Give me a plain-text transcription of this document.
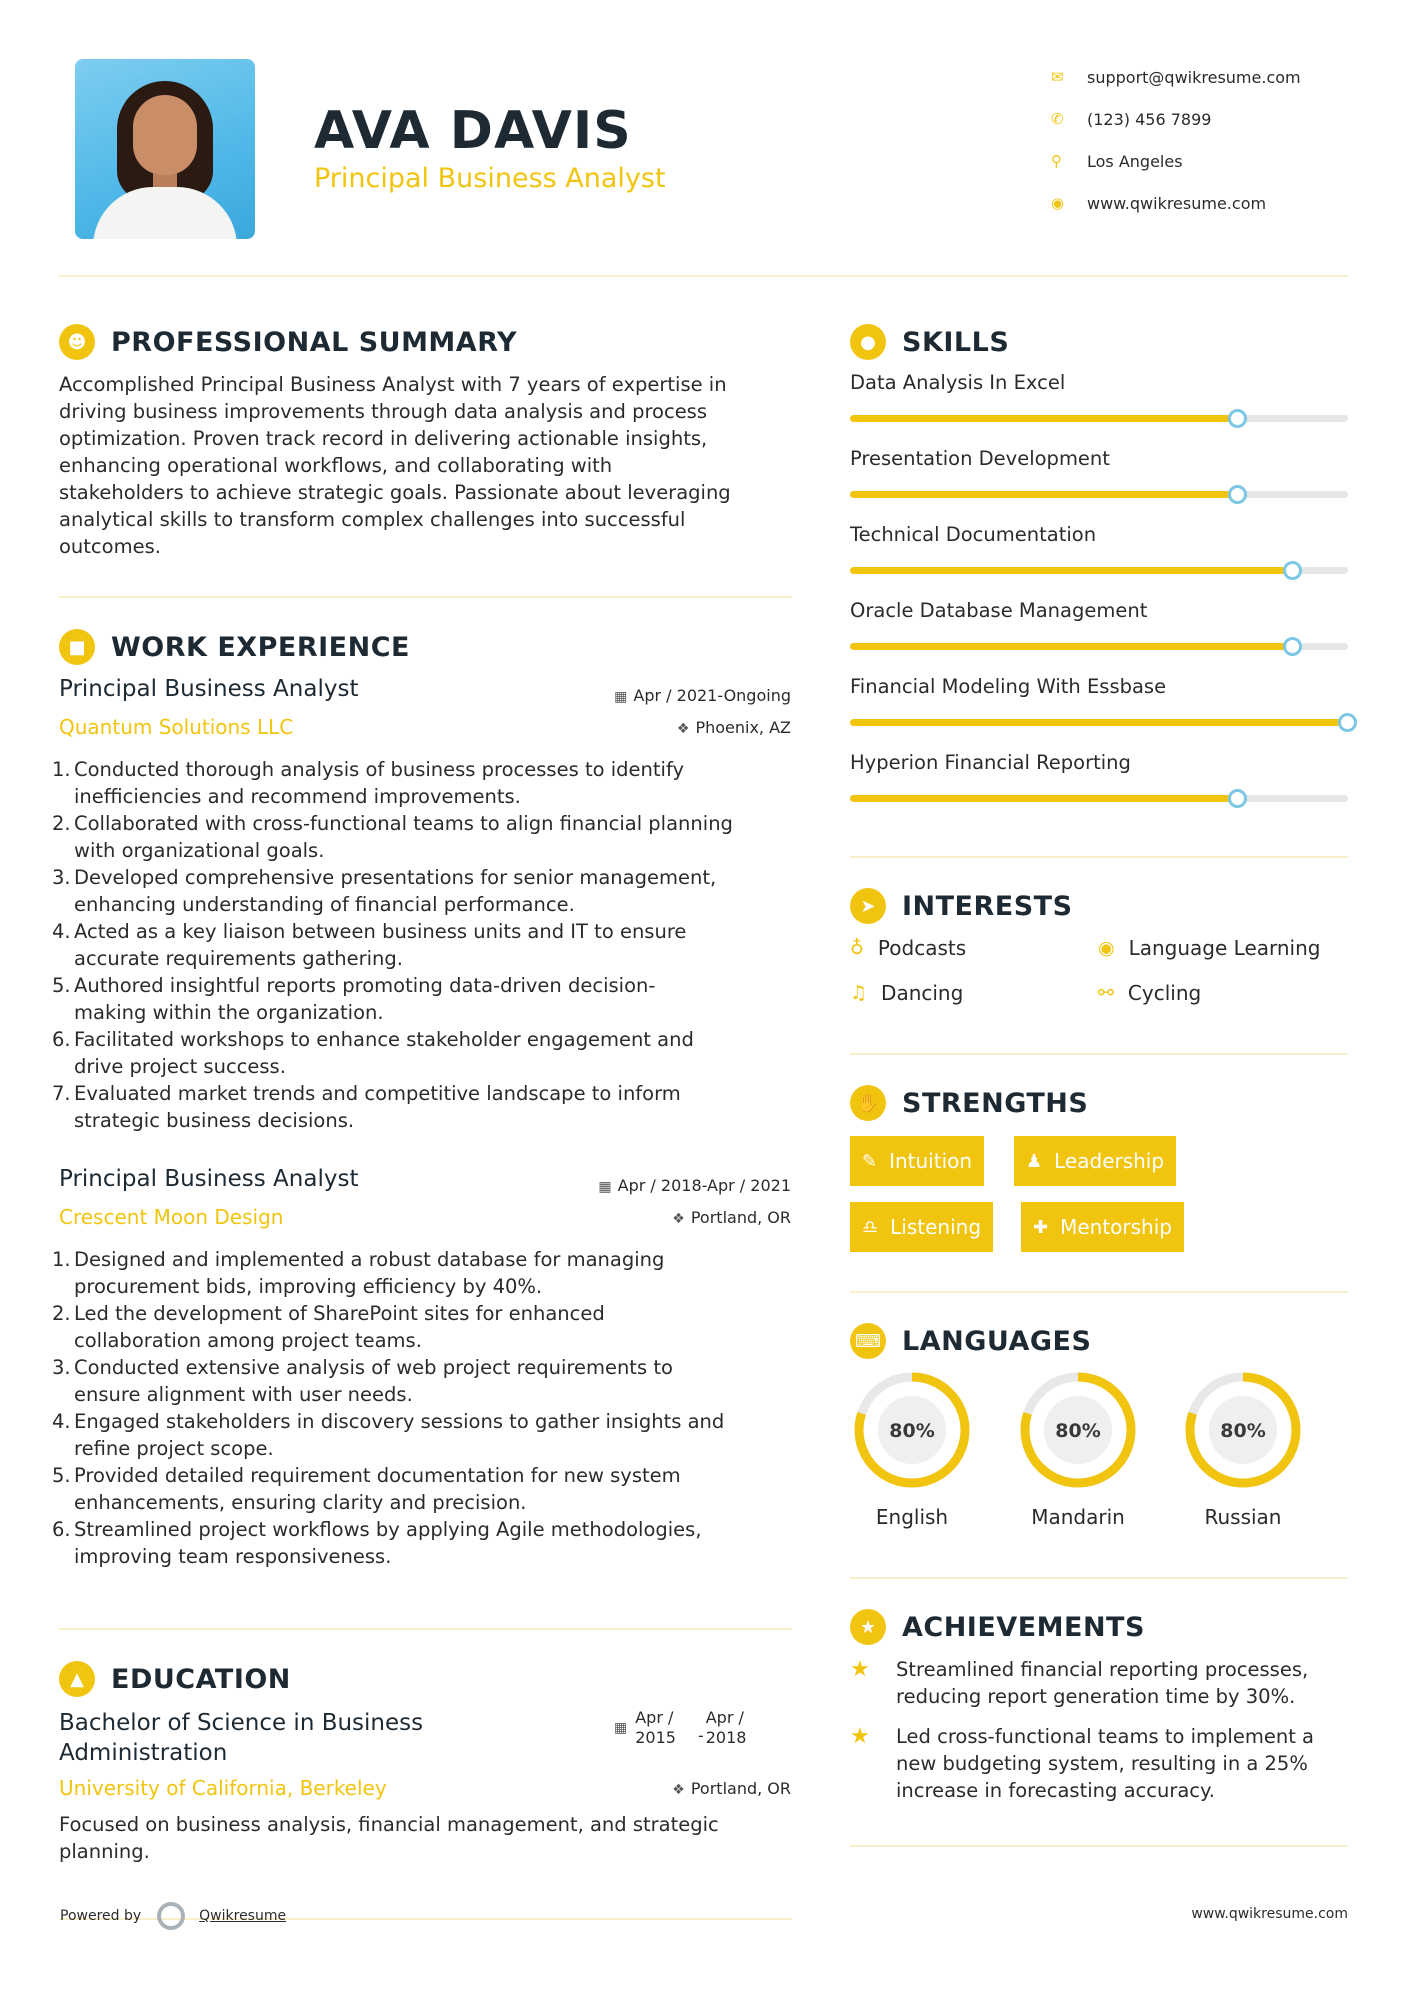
AVA DAVIS
Principal Business Analyst
✉	support@qwikresume.com
✆	(123) 456 7899
⚲	Los Angeles
◉	www.qwikresume.com
☻ PROFESSIONAL SUMMARY
Accomplished Principal Business Analyst with 7 years of expertise in
driving business improvements through data analysis and process
optimization. Proven track record in delivering actionable insights,
enhancing operational workflows, and collaborating with
stakeholders to achieve strategic goals. Passionate about leveraging
analytical skills to transform complex challenges into successful
outcomes.
■ WORK EXPERIENCE
Principal Business Analyst
Quantum Solutions LLC
▦ Apr / 2021-Ongoing
❖ Phoenix, AZ
1. Conducted thorough analysis of business processes to identify
inefficiencies and recommend improvements.
2. Collaborated with cross-functional teams to align financial planning
with organizational goals.
3. Developed comprehensive presentations for senior management,
enhancing understanding of financial performance.
4. Acted as a key liaison between business units and IT to ensure
accurate requirements gathering.
5. Authored insightful reports promoting data-driven decision-
making within the organization.
6. Facilitated workshops to enhance stakeholder engagement and
drive project success.
7. Evaluated market trends and competitive landscape to inform
strategic business decisions.
Principal Business Analyst
Crescent Moon Design
▦ Apr / 2018-Apr / 2021
❖ Portland, OR
1. Designed and implemented a robust database for managing
procurement bids, improving efficiency by 40%.
2. Led the development of SharePoint sites for enhanced
collaboration among project teams.
3. Conducted extensive analysis of web project requirements to
ensure alignment with user needs.
4. Engaged stakeholders in discovery sessions to gather insights and
refine project scope.
5. Provided detailed requirement documentation for new system
enhancements, ensuring clarity and precision.
6. Streamlined project workflows by applying Agile methodologies,
improving team responsiveness.
▲	EDUCATION
Bachelor of Science in Business
Administration
▦
Apr /
2015 -
Apr /
2018
University of California, Berkeley	❖ Portland, OR
Focused on business analysis, financial management, and strategic
planning.
● SKILLS
Data Analysis In Excel
Presentation Development
Technical Documentation
Oracle Database Management
Financial Modeling With Essbase
Hyperion Financial Reporting
➤ INTERESTS
♁ Podcasts	◉ Language Learning
♫ Dancing	⚯ Cycling
✋ STRENGTHS
✎ Intuition	♟ Leadership
♎ Listening	✚ Mentorship
⌨ LANGUAGES
80%
English
80%
Mandarin
80%
Russian
★ ACHIEVEMENTS
★	Streamlined financial reporting processes,
reducing report generation time by 30%.
★	Led cross-functional teams to implement a
new budgeting system, resulting in a 25%
increase in forecasting accuracy.
Powered by	Qwikresume	www.qwikresume.com
